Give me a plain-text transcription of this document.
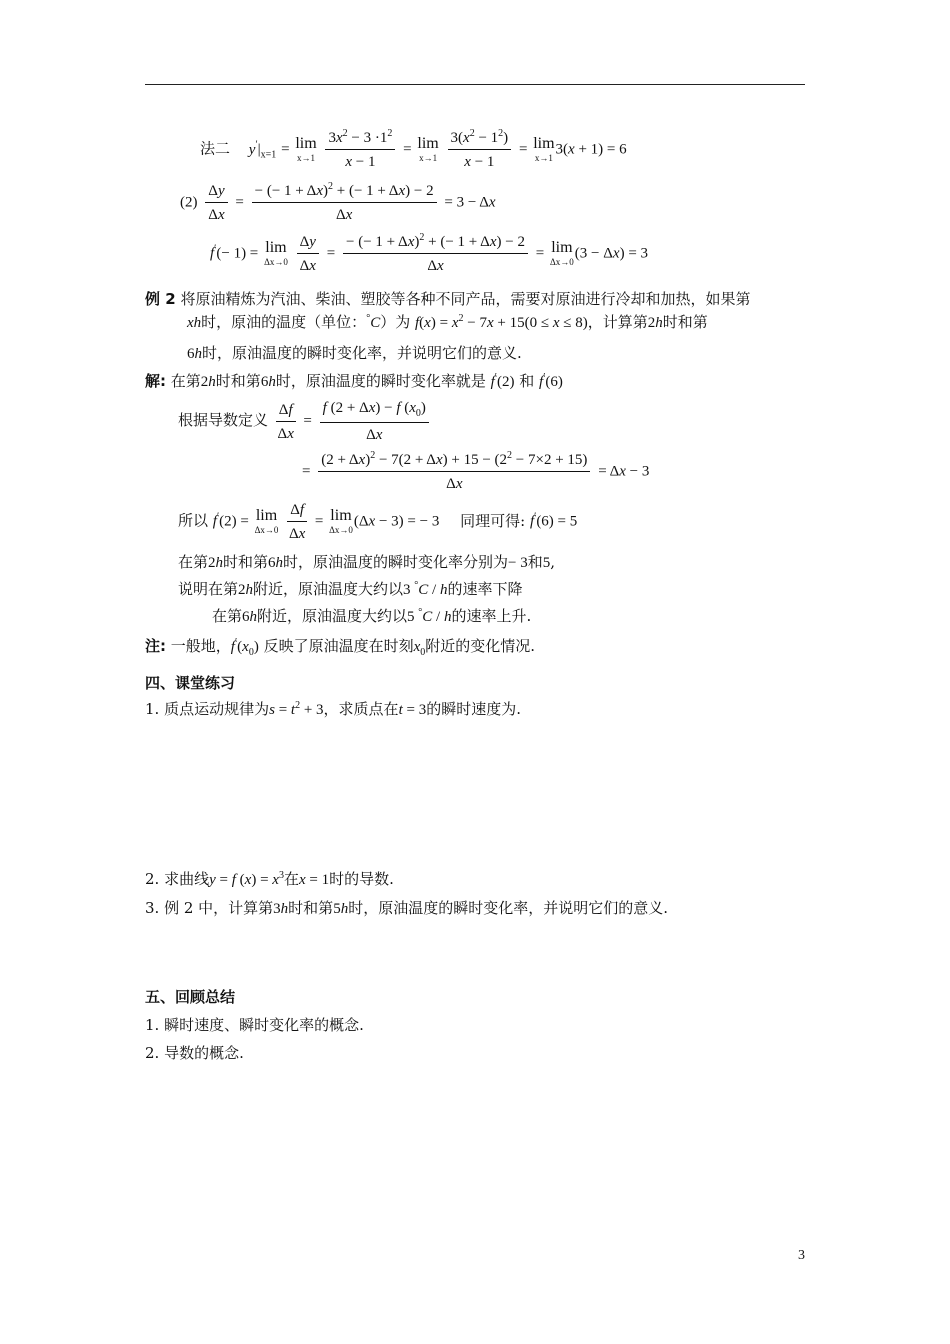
法二 $y'|_{x=1} = \lim$
x→1
$\frac{3x^2 - 3 \cdot 1^2}{x - 1} = \lim$
x→1
$\frac{3(x^2 - 1^2)}{x - 1} = \lim$
x→1
3(x + 1) = 6
$(2) \frac{\Delta y}{\Delta x} = \frac{- (- 1 + \Delta x)^2 + (- 1 + \Delta x) - 2}{\Delta x} = 3 - \Delta x$
f′(− 1) = lim
Δx→0
$\frac{\Delta y}{\Delta x} = \frac{- (- 1 + \Delta x)^2 + (- 1 + \Delta x) - 2}{\Delta x} = \lim$
Δx→0
(3 − Δx) = 3
例 2 将原油精炼为汽油、柴油、塑胶等各种不同产品，需要对原油进行冷却和加热，如果第
xh时，原油的温度（单位：°C）为 $f(x) = x^2 - 7x + 15(0 \le x \le 8)$，计算第2h时和第
6h时，原油温度的瞬时变化率，并说明它们的意义.
解: 在第2h时和第6h时，原油温度的瞬时变化率就是 f′(2) 和 f′(6)
根据导数定义 $\frac{\Delta f}{\Delta x} = \frac{f (2 + \Delta x) - f (x_0)}{\Delta x}$
= $\frac{(2 + \Delta x)^2 - 7(2 + \Delta x) + 15 - (2^2 - 7\times 2 + 15)}{\Delta x} = \Delta x - 3$
所以 f′(2) = lim
Δx→0
$\frac{\Delta f}{\Delta x} = \lim$
Δx→0
(Δx − 3) = − 3 同理可得: f′(6) = 5
在第2h时和第6h时，原油温度的瞬时变化率分别为− 3和5,
说明在第2h附近，原油温度大约以3 °C / h的速率下降
在第6h附近，原油温度大约以5 °C / h的速率上升.
注: 一般地，$f'(x_0)$ 反映了原油温度在时刻$x_0$附近的变化情况.
四、课堂练习
1. 质点运动规律为$s = t^2 + 3$，求质点在t = 3的瞬时速度为.
2. 求曲线y = f $(x) = x^3$在x = 1时的导数.
3. 例 2 中，计算第3h时和第5h时，原油温度的瞬时变化率，并说明它们的意义.
五、回顾总结
1. 瞬时速度、瞬时变化率的概念.
2. 导数的概念.
3
